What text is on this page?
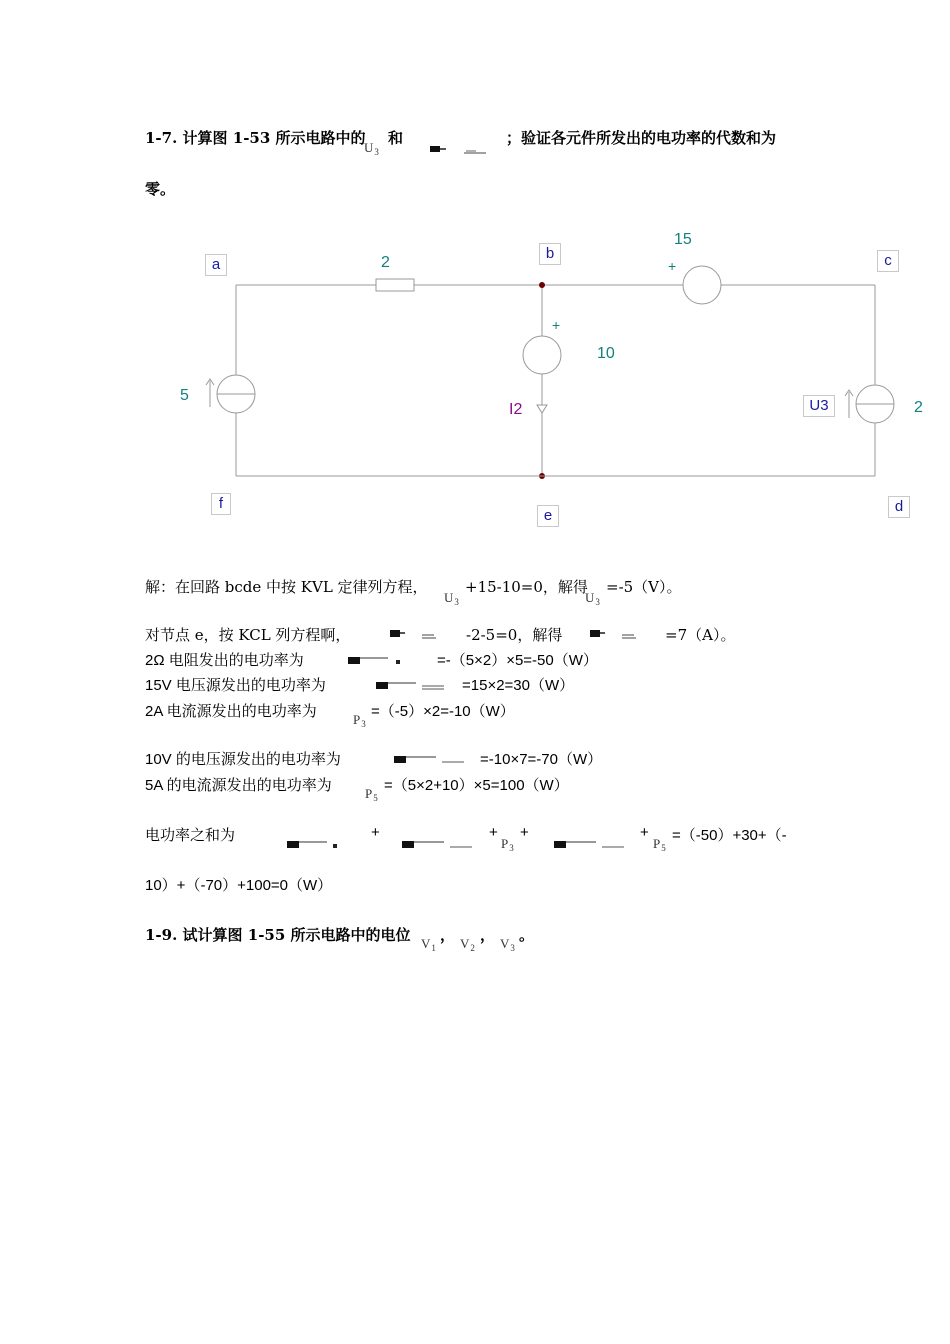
1-7. 计算图 1-53 所示电路中的
$U_3$
和	；验证各元件所发出的电功率的代数和为
零。
a
b	c
d
e
f
U3
2
15
+
+
10
I2
5
2
解：在回路 bcde 中按 KVL 定律列方程，
$U_3$
+15-10=0，解得
$U_3$
=-5（V）。
对节点 e，按 KCL 列方程啊，	-2-5=0，解得	=7（A）。
2Ω 电阻发出的电功率为	=-（5×2）×5=-50（W）
15V 电压源发出的电功率为	=15×2=30（W）
2A 电流源发出的电功率为	$P_3$
=（-5）×2=-10（W）
10V 的电压源发出的电功率为	=-10×7=-70（W）
5A 的电流源发出的电功率为	$P_5$
=（5×2+10）×5=100（W）
电功率之和为	+	+
$P_3$
+	+
$P_5$
=（-50）+30+（-
10）+（-70）+100=0（W）
1-9. 试计算图 1-55 所示电路中的电位 $V_1$
， $V_2$
， $V_3$
。
